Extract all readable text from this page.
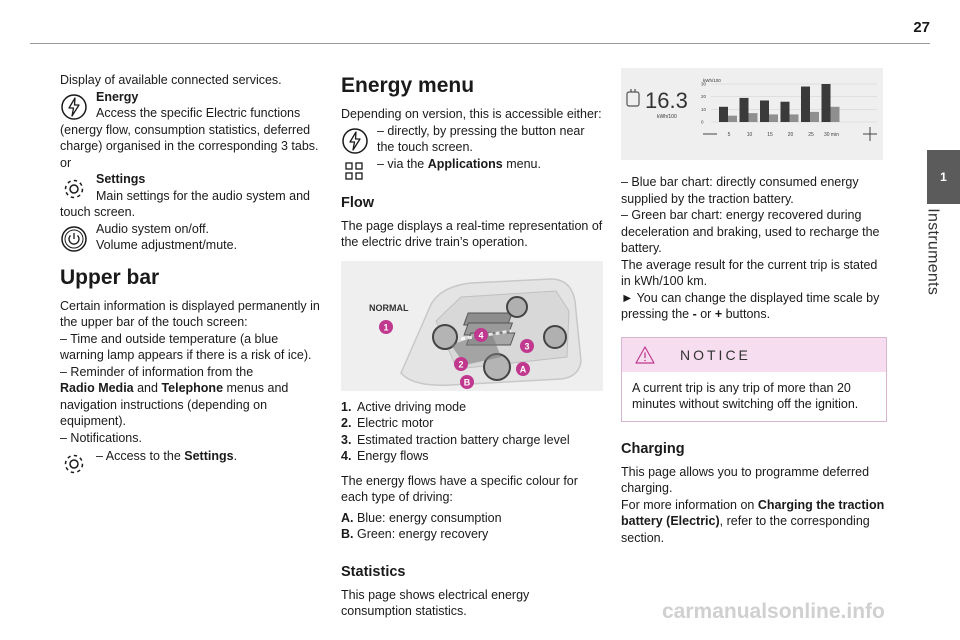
27
1
Instruments

Display of available connected services.

Energy

Access the specific Electric functions

(energy flow, consumption statistics, deferred charge) organised in the corresponding 3 tabs.

or

Settings

Main settings for the audio system and

touch screen.

Audio system on/off.

Volume adjustment/mute.

Upper bar

Certain information is displayed permanently in the upper bar of the touch screen:

– Time and outside temperature (a blue warning lamp appears if there is a risk of ice).

– Reminder of information from the
Radio Media and Telephone menus and navigation instructions (depending on equipment).

– Notifications.

– Access to the Settings.

Energy menu

Depending on version, this is accessible either:

– directly, by pressing the button near the touch screen.

– via the Applications menu.

Flow

The page displays a real-time representation of the electric drive train’s operation.

NORMAL
1
2
3
4
A
B
1. Active driving mode
2. Electric motor
3. Estimated traction battery charge level
4. Energy flows

The energy flows have a specific colour for each type of driving:

A. Blue: energy consumption
B. Green: energy recovery
Statistics

This page shows electrical energy consumption statistics.

16.3
kWh/100
kWh/100
30
20
10
0
5	10	15	20	25 30 min

– Blue bar chart: directly consumed energy supplied by the traction battery.

– Green bar chart: energy recovered during deceleration and braking, used to recharge the battery.

The average result for the current trip is stated in kWh/100 km.

► You can change the displayed time scale by pressing the - or + buttons.

NOTICE
A current trip is any trip of more than 20 minutes without switching off the ignition.
Charging

This page allows you to programme deferred charging.

For more information on Charging the traction battery (Electric), refer to the corresponding section.

carmanualsonline.info
